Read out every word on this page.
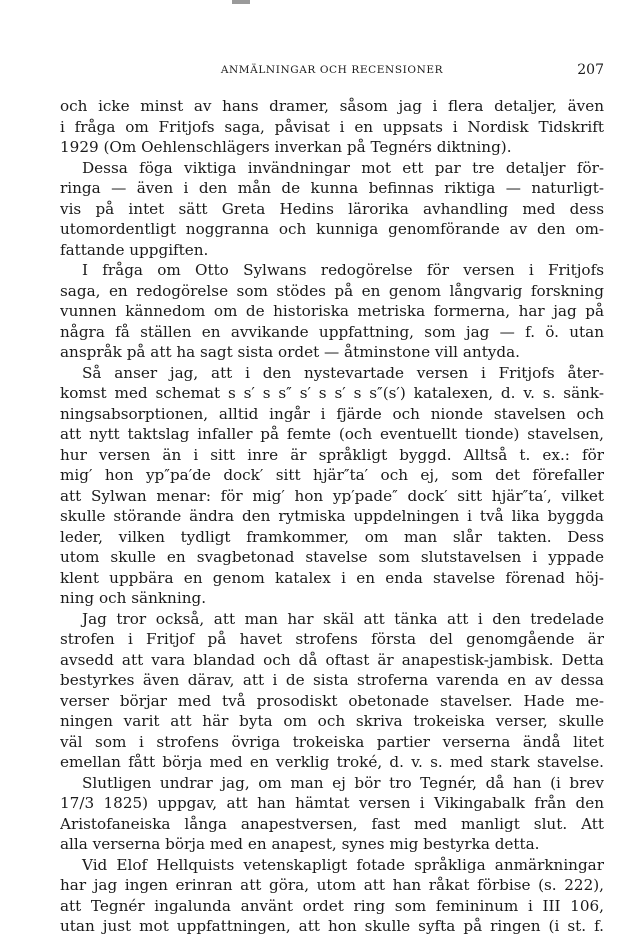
ANMÄLNINGAR OCH RECENSIONER	207
och icke minst av hans dramer, såsom jag i flera detaljer, även
i fråga om Fritjofs saga, påvisat i en uppsats i Nordisk Tidskrift
1929 (Om Oehlenschlägers inverkan på Tegnérs diktning).
Dessa föga viktiga invändningar mot ett par tre detaljer för-
ringa — även i den mån de kunna befinnas riktiga — naturligt-
vis på intet sätt Greta Hedins lärorika avhandling med dess
utomordentligt noggranna och kunniga genomförande av den om-
fattande uppgiften.
I fråga om Otto Sylwans redogörelse för versen i Fritjofs
saga, en redogörelse som stödes på en genom långvarig forskning
vunnen kännedom om de historiska metriska formerna, har jag på
några få ställen en avvikande uppfattning, som jag — f. ö. utan
anspråk på att ha sagt sista ordet — åtminstone vill antyda.
Så anser jag, att i den nystevartade versen i Fritjofs åter-
komst med schemat s s′ s s″ s′ s s′ s s″(s′) katalexen, d. v. s. sänk-
ningsabsorptionen, alltid ingår i fjärde och nionde stavelsen och
att nytt taktslag infaller på femte (och eventuellt tionde) stavelsen,
hur versen än i sitt inre är språkligt byggd. Alltså t. ex.: för
mig′ hon yp″pa′de dock′ sitt hjär″ta′ och ej, som det förefaller
att Sylwan menar: för mig′ hon yp′pade″ dock′ sitt hjär″ta′, vilket
skulle störande ändra den rytmiska uppdelningen i två lika byggda
leder, vilken tydligt framkommer, om man slår takten. Dess
utom skulle en svagbetonad stavelse som slutstavelsen i yppade
klent uppbära en genom katalex i en enda stavelse förenad höj-
ning och sänkning.
Jag tror också, att man har skäl att tänka att i den tredelade
strofen i Fritjof på havet strofens första del genomgående är
avsedd att vara blandad och då oftast är anapestisk-jambisk. Detta
bestyrkes även därav, att i de sista stroferna varenda en av dessa
verser börjar med två prosodiskt obetonade stavelser. Hade me-
ningen varit att här byta om och skriva trokeiska verser, skulle
väl som i strofens övriga trokeiska partier verserna ändå litet
emellan fått börja med en verklig troké, d. v. s. med stark stavelse.
Slutligen undrar jag, om man ej bör tro Tegnér, då han (i brev
17/3 1825) uppgav, att han hämtat versen i Vikingabalk från den
Aristofaneiska långa anapestversen, fast med manligt slut. Att
alla verserna börja med en anapest, synes mig bestyrka detta.
Vid Elof Hellquists vetenskapligt fotade språkliga anmärkningar
har jag ingen erinran att göra, utom att han råkat förbise (s. 222),
att Tegnér ingalunda använt ordet ring som femininum i III 106,
utan just mot uppfattningen, att hon skulle syfta på ringen (i st. f.
